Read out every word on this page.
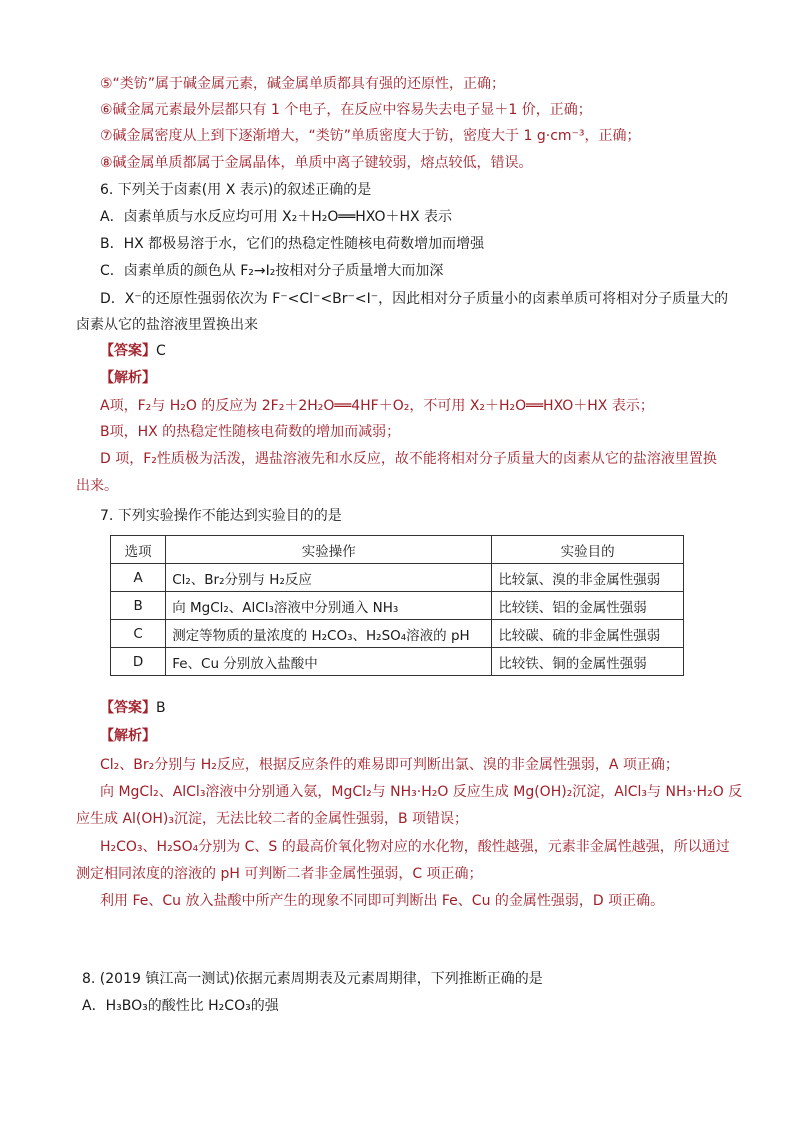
⑤“类钫”属于碱金属元素，碱金属单质都具有强的还原性，正确；
⑥碱金属元素最外层都只有 1 个电子，在反应中容易失去电子显＋1 价，正确；
⑦碱金属密度从上到下逐渐增大，“类钫”单质密度大于钫，密度大于 1 g·cm⁻³，正确；
⑧碱金属单质都属于金属晶体，单质中离子键较弱，熔点较低，错误。
6. 下列关于卤素(用 X 表示)的叙述正确的是
A．卤素单质与水反应均可用 X₂＋H₂O══HXO＋HX 表示
B．HX 都极易溶于水，它们的热稳定性随核电荷数增加而增强
C．卤素单质的颜色从 F₂→I₂按相对分子质量增大而加深
D．X⁻的还原性强弱依次为 F⁻<Cl⁻<Br⁻<I⁻，因此相对分子质量小的卤素单质可将相对分子质量大的
卤素从它的盐溶液里置换出来
【答案】C
【解析】
A项，F₂与 H₂O 的反应为 2F₂＋2H₂O══4HF＋O₂，不可用 X₂＋H₂O══HXO＋HX 表示；
B项，HX 的热稳定性随核电荷数的增加而减弱；
D 项，F₂性质极为活泼，遇盐溶液先和水反应，故不能将相对分子质量大的卤素从它的盐溶液里置换
出来。
7. 下列实验操作不能达到实验目的的是
选项	实验操作	实验目的
A	Cl₂、Br₂分别与 H₂反应	比较氯、溴的非金属性强弱
B	向 MgCl₂、AlCl₃溶液中分别通入 NH₃	比较镁、铝的金属性强弱
C	测定等物质的量浓度的 H₂CO₃、H₂SO₄溶液的 pH	比较碳、硫的非金属性强弱
D	Fe、Cu 分别放入盐酸中	比较铁、铜的金属性强弱
【答案】B
【解析】
Cl₂、Br₂分别与 H₂反应，根据反应条件的难易即可判断出氯、溴的非金属性强弱，A 项正确；
向 MgCl₂、AlCl₃溶液中分别通入氨，MgCl₂与 NH₃·H₂O 反应生成 Mg(OH)₂沉淀，AlCl₃与 NH₃·H₂O 反
应生成 Al(OH)₃沉淀，无法比较二者的金属性强弱，B 项错误；
H₂CO₃、H₂SO₄分别为 C、S 的最高价氧化物对应的水化物，酸性越强，元素非金属性越强，所以通过
测定相同浓度的溶液的 pH 可判断二者非金属性强弱，C 项正确；
利用 Fe、Cu 放入盐酸中所产生的现象不同即可判断出 Fe、Cu 的金属性强弱，D 项正确。
8. (2019 镇江高一测试)依据元素周期表及元素周期律，下列推断正确的是
A．H₃BO₃的酸性比 H₂CO₃的强
